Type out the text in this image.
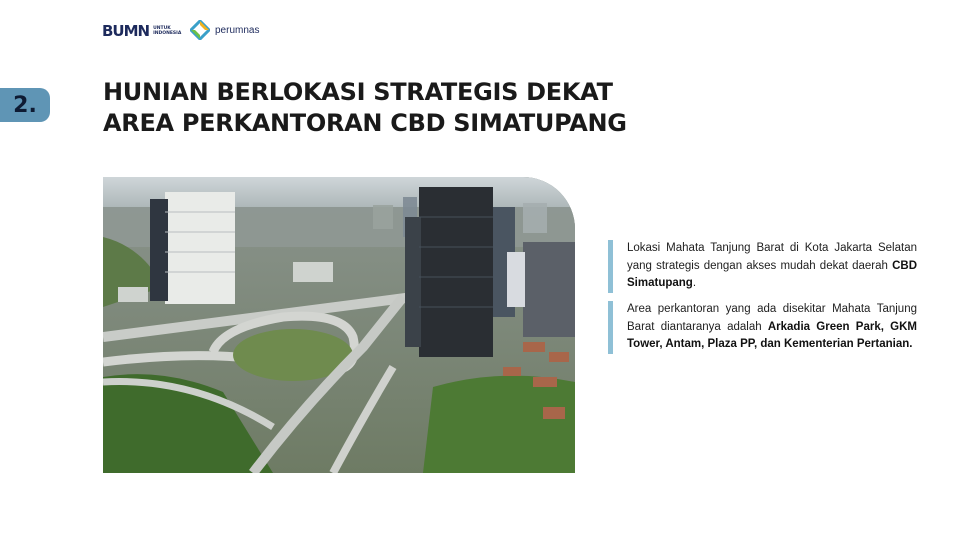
BUMN UNTUK
INDONESIA	perumnas
2.	HUNIAN BERLOKASI STRATEGIS DEKAT
AREA PERKANTORAN CBD SIMATUPANG
Lokasi Mahata Tanjung Barat di Kota Jakarta Selatan yang strategis dengan akses mudah dekat daerah CBD Simatupang.
Area perkantoran yang ada disekitar Mahata Tanjung Barat diantaranya adalah Arkadia Green Park, GKM Tower, Antam, Plaza PP, dan Kementerian Pertanian.
